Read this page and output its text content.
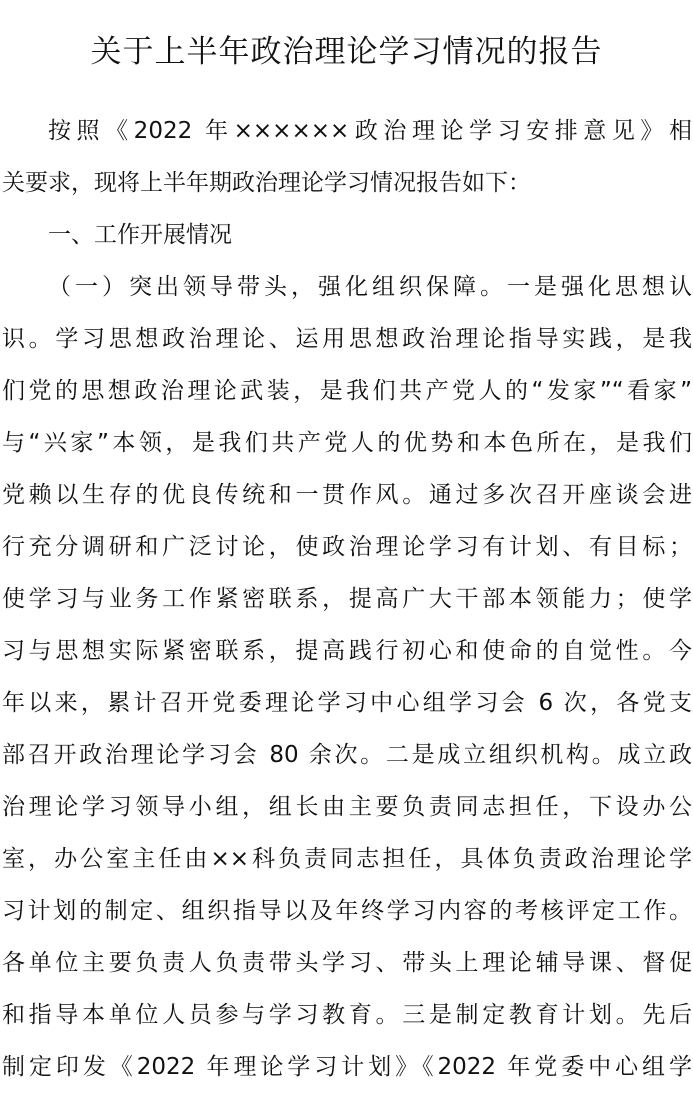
关于上半年政治理论学习情况的报告
按照《2022 年××××××政治理论学习安排意见》相
关要求，现将上半年期政治理论学习情况报告如下：
一、工作开展情况
（一）突出领导带头，强化组织保障。一是强化思想认
识。学习思想政治理论、运用思想政治理论指导实践，是我
们党的思想政治理论武装，是我们共产党人的“发家”“看家”
与“兴家”本领，是我们共产党人的优势和本色所在，是我们
党赖以生存的优良传统和一贯作风。通过多次召开座谈会进
行充分调研和广泛讨论，使政治理论学习有计划、有目标；
使学习与业务工作紧密联系，提高广大干部本领能力；使学
习与思想实际紧密联系，提高践行初心和使命的自觉性。今
年以来，累计召开党委理论学习中心组学习会 6 次，各党支
部召开政治理论学习会 80 余次。二是成立组织机构。成立政
治理论学习领导小组，组长由主要负责同志担任，下设办公
室，办公室主任由××科负责同志担任，具体负责政治理论学
习计划的制定、组织指导以及年终学习内容的考核评定工作。
各单位主要负责人负责带头学习、带头上理论辅导课、督促
和指导本单位人员参与学习教育。三是制定教育计划。先后
制定印发《2022 年理论学习计划》《2022 年党委中心组学
